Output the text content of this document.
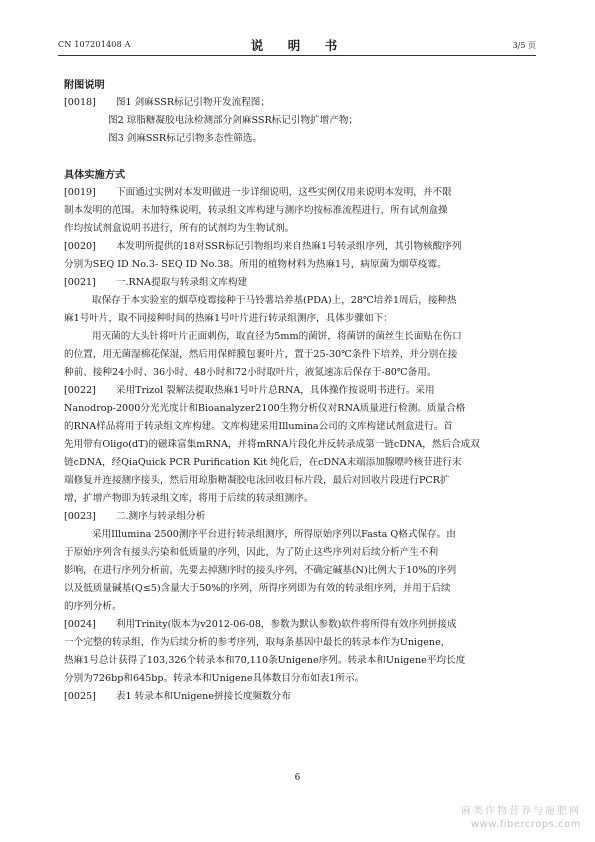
CN 107201408 A	说　明　书	3/5 页

附图说明

[0018] 图1 剑麻SSR标记引物开发流程图；

图2 琼脂糖凝胶电泳检测部分剑麻SSR标记引物扩增产物；

图3 剑麻SSR标记引物多态性筛选。

具体实施方式

[0019] 下面通过实例对本发明做进一步详细说明，这些实例仅用来说明本发明，并不限

制本发明的范围。未加特殊说明，转录组文库构建与测序均按标准流程进行，所有试剂盒操

作均按试剂盒说明书进行，所有的试剂均为生物试剂。

[0020] 本发明所提供的18对SSR标记引物组均来自热麻1号转录组序列，其引物核酸序列

分别为SEQ ID No.3- SEQ ID No.38。所用的植物材料为热麻1号，病原菌为烟草疫霉。

[0021] 一.RNA提取与转录组文库构建

取保存于本实验室的烟草疫霉接种于马铃薯培养基(PDA)上，28℃培养1周后，接种热

麻1号叶片，取不同接种时间的热麻1号叶片进行转录组测序，具体步骤如下：

用灭菌的大头针将叶片正面刺伤，取直径为5mm的菌饼，将菌饼的菌丝生长面贴在伤口

的位置，用无菌湿棉花保湿，然后用保鲜膜包裹叶片，置于25-30℃条件下培养，并分别在接

种前、接种24小时、36小时、48小时和72小时取叶片，液氮速冻后保存于-80℃备用。

[0022] 采用Trizol 裂解法提取热麻1号叶片总RNA，具体操作按说明书进行。采用

Nanodrop-2000分光光度计和Bioanalyzer2100生物分析仪对RNA质量进行检测。质量合格

的RNA样品将用于转录组文库构建。文库构建采用Illumina公司的文库构建试剂盒进行。首

先用带有Oligo(dT)的磁珠富集mRNA，并将mRNA片段化并反转录成第一链cDNA，然后合成双

链cDNA，经QiaQuick PCR Purification Kit 纯化后，在cDNA末端添加腺嘌呤核苷进行末

端修复并连接测序接头，然后用琼脂糖凝胶电泳回收目标片段，最后对回收片段进行PCR扩

增，扩增产物即为转录组文库，将用于后续的转录组测序。

[0023] 二.测序与转录组分析

采用Illumina 2500测序平台进行转录组测序，所得原始序列以Fasta Q格式保存。由

于原始序列含有接头污染和低质量的序列，因此，为了防止这些序列对后续分析产生不利

影响，在进行序列分析前，先要去掉测序时的接头序列，不确定碱基(N)比例大于10%的序列

以及低质量碱基(Q≤5)含量大于50%的序列，所得序列即为有效的转录组序列，并用于后续

的序列分析。

[0024] 利用Trinity(版本为v2012-06-08，参数为默认参数)软件将所得有效序列拼接成

一个完整的转录组，作为后续分析的参考序列，取每条基因中最长的转录本作为Unigene，

热麻1号总计获得了103,326个转录本和70,110条Unigene序列。转录本和Unigene平均长度

分别为726bp和645bp。转录本和Unigene具体数目分布如表1所示。

[0025] 表1 转录本和Unigene拼接长度频数分布

6
麻类作物营养与施肥网
www.fibercrops.com
